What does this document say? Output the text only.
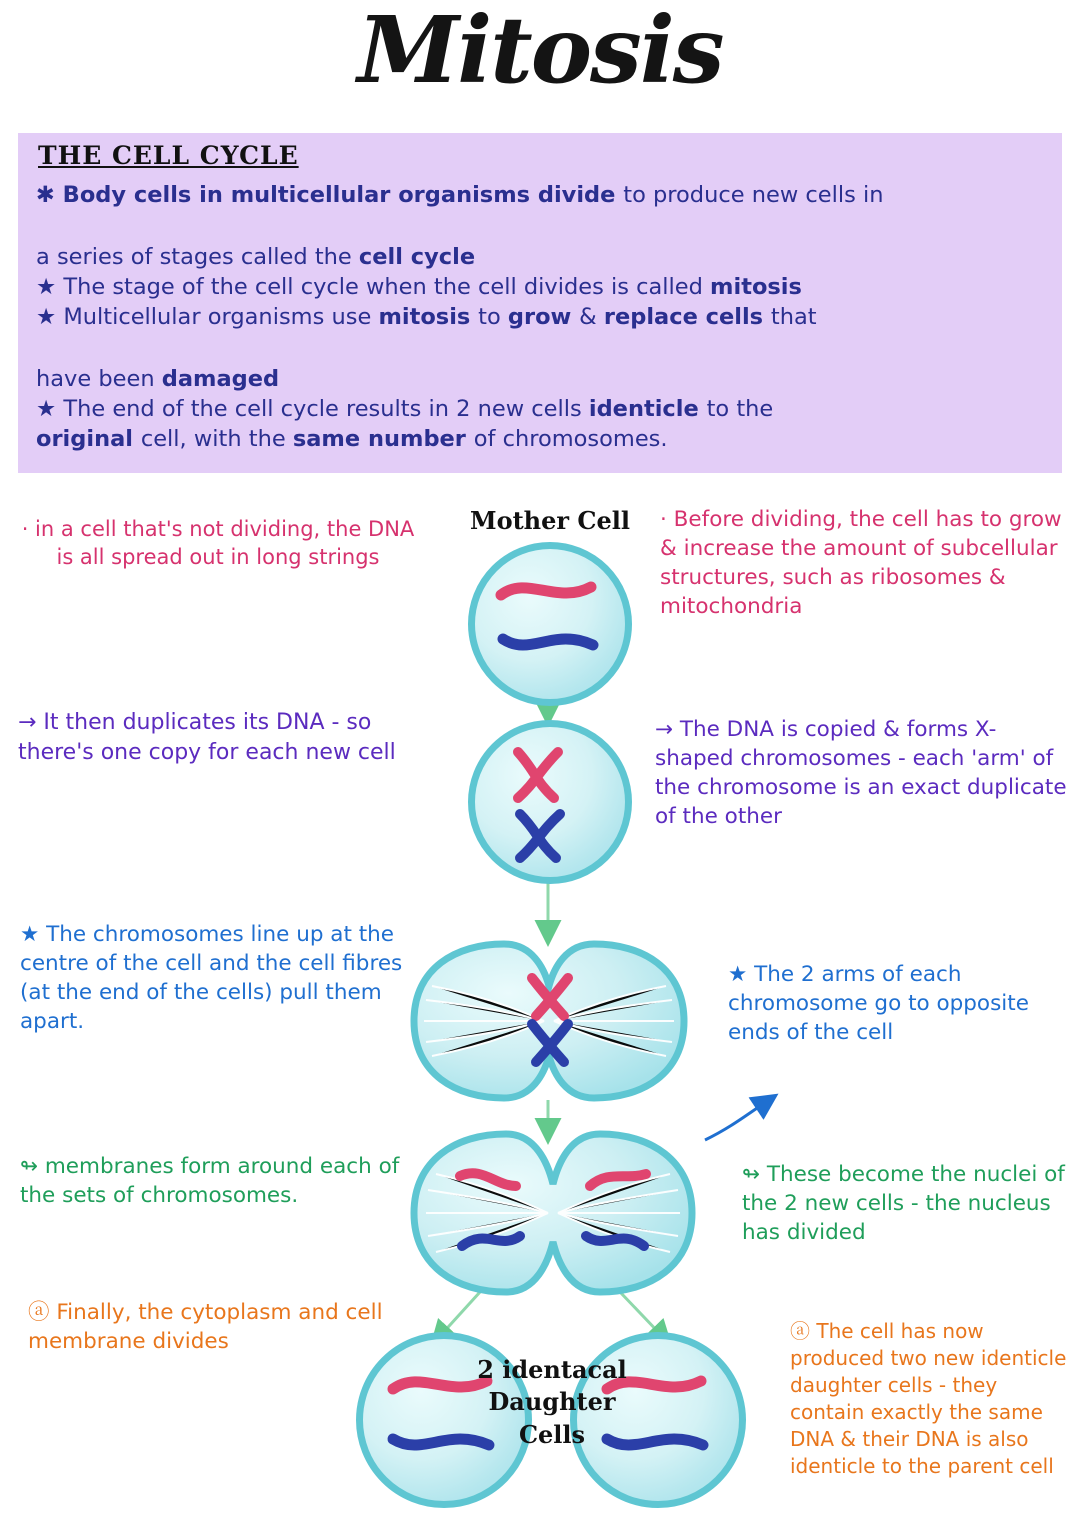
Mitosis
THE CELL CYCLE
✱ Body cells in multicellular organisms divide to produce new cells in
a series of stages called the cell cycle
★ The stage of the cell cycle when the cell divides is called mitosis
★ Multicellular organisms use mitosis to grow & replace cells that
have been damaged
★ The end of the cell cycle results in 2 new cells identicle to the
original cell, with the same number of chromosomes.
Mother Cell
2 identacal
Daughter
Cells
· in a cell that's not dividing, the DNA is all spread out in long strings
· Before dividing, the cell has to grow & increase the amount of subcellular structures, such as ribosomes & mitochondria
→ It then duplicates its DNA - so there's one copy for each new cell
→ The DNA is copied & forms X-shaped chromosomes - each 'arm' of the chromosome is an exact duplicate of the other
★ The chromosomes line up at the centre of the cell and the cell fibres (at the end of the cells) pull them apart.
★ The 2 arms of each chromosome go to opposite ends of the cell
↬ membranes form around each of the sets of chromosomes.
↬ These become the nuclei of the 2 new cells - the nucleus has divided
ⓐ Finally, the cytoplasm and cell membrane divides	ⓐ The cell has now produced two new identicle daughter cells - they contain exactly the same DNA & their DNA is also identicle to the parent cell
